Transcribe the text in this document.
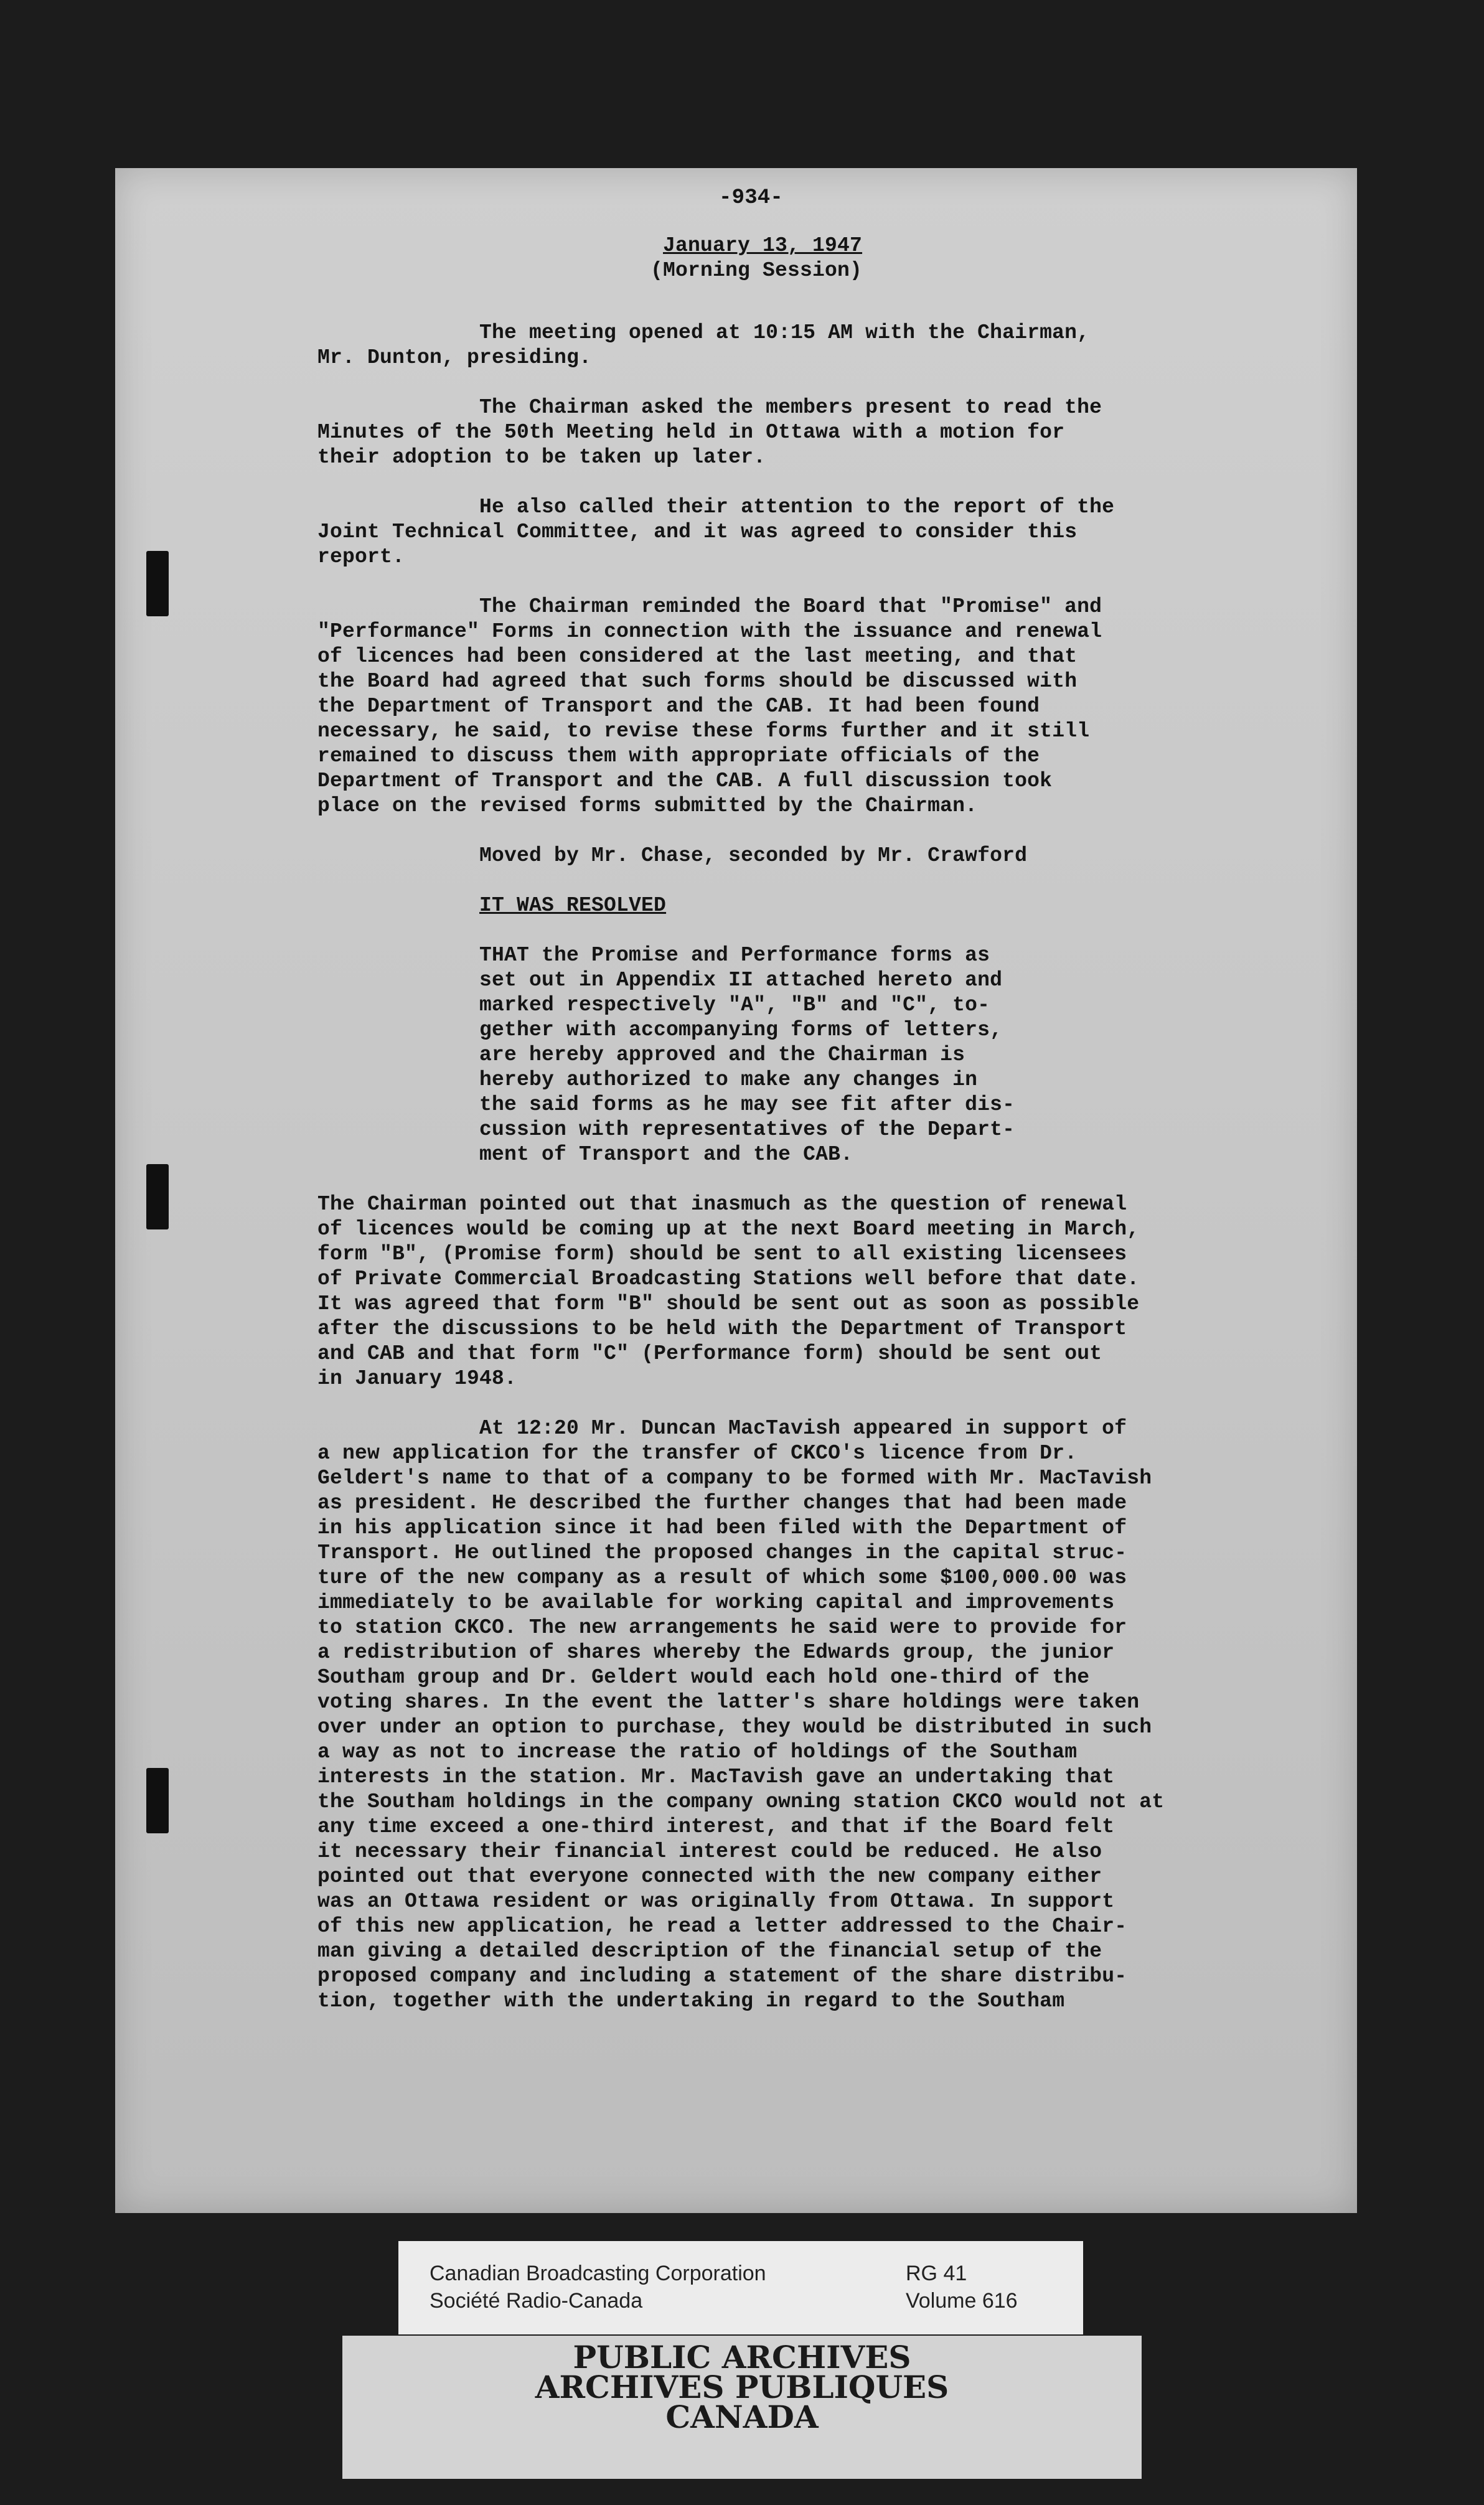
-934-
January 13, 1947
(Morning Session)
The meeting opened at 10:15 AM with the Chairman,
Mr. Dunton, presiding.
The Chairman asked the members present to read the
Minutes of the 50th Meeting held in Ottawa with a motion for
their adoption to be taken up later.
He also called their attention to the report of the
Joint Technical Committee, and it was agreed to consider this
report.
The Chairman reminded the Board that "Promise" and
"Performance" Forms in connection with the issuance and renewal
of licences had been considered at the last meeting, and that
the Board had agreed that such forms should be discussed with
the Department of Transport and the CAB. It had been found
necessary, he said, to revise these forms further and it still
remained to discuss them with appropriate officials of the
Department of Transport and the CAB. A full discussion took
place on the revised forms submitted by the Chairman.
Moved by Mr. Chase, seconded by Mr. Crawford
IT WAS RESOLVED
THAT the Promise and Performance forms as
set out in Appendix II attached hereto and
marked respectively "A", "B" and "C", to-
gether with accompanying forms of letters,
are hereby approved and the Chairman is
hereby authorized to make any changes in
the said forms as he may see fit after dis-
cussion with representatives of the Depart-
ment of Transport and the CAB.
The Chairman pointed out that inasmuch as the question of renewal
of licences would be coming up at the next Board meeting in March,
form "B", (Promise form) should be sent to all existing licensees
of Private Commercial Broadcasting Stations well before that date.
It was agreed that form "B" should be sent out as soon as possible
after the discussions to be held with the Department of Transport
and CAB and that form "C" (Performance form) should be sent out
in January 1948.
At 12:20 Mr. Duncan MacTavish appeared in support of
a new application for the transfer of CKCO's licence from Dr.
Geldert's name to that of a company to be formed with Mr. MacTavish
as president. He described the further changes that had been made
in his application since it had been filed with the Department of
Transport. He outlined the proposed changes in the capital struc-
ture of the new company as a result of which some $100,000.00 was
immediately to be available for working capital and improvements
to station CKCO. The new arrangements he said were to provide for
a redistribution of shares whereby the Edwards group, the junior
Southam group and Dr. Geldert would each hold one-third of the
voting shares. In the event the latter's share holdings were taken
over under an option to purchase, they would be distributed in such
a way as not to increase the ratio of holdings of the Southam
interests in the station. Mr. MacTavish gave an undertaking that
the Southam holdings in the company owning station CKCO would not at
any time exceed a one-third interest, and that if the Board felt
it necessary their financial interest could be reduced. He also
pointed out that everyone connected with the new company either
was an Ottawa resident or was originally from Ottawa. In support
of this new application, he read a letter addressed to the Chair-
man giving a detailed description of the financial setup of the
proposed company and including a statement of the share distribu-
tion, together with the undertaking in regard to the Southam
Canadian Broadcasting Corporation
Société Radio-Canada
RG 41
Volume 616
PUBLIC ARCHIVES
ARCHIVES PUBLIQUES
CANADA
